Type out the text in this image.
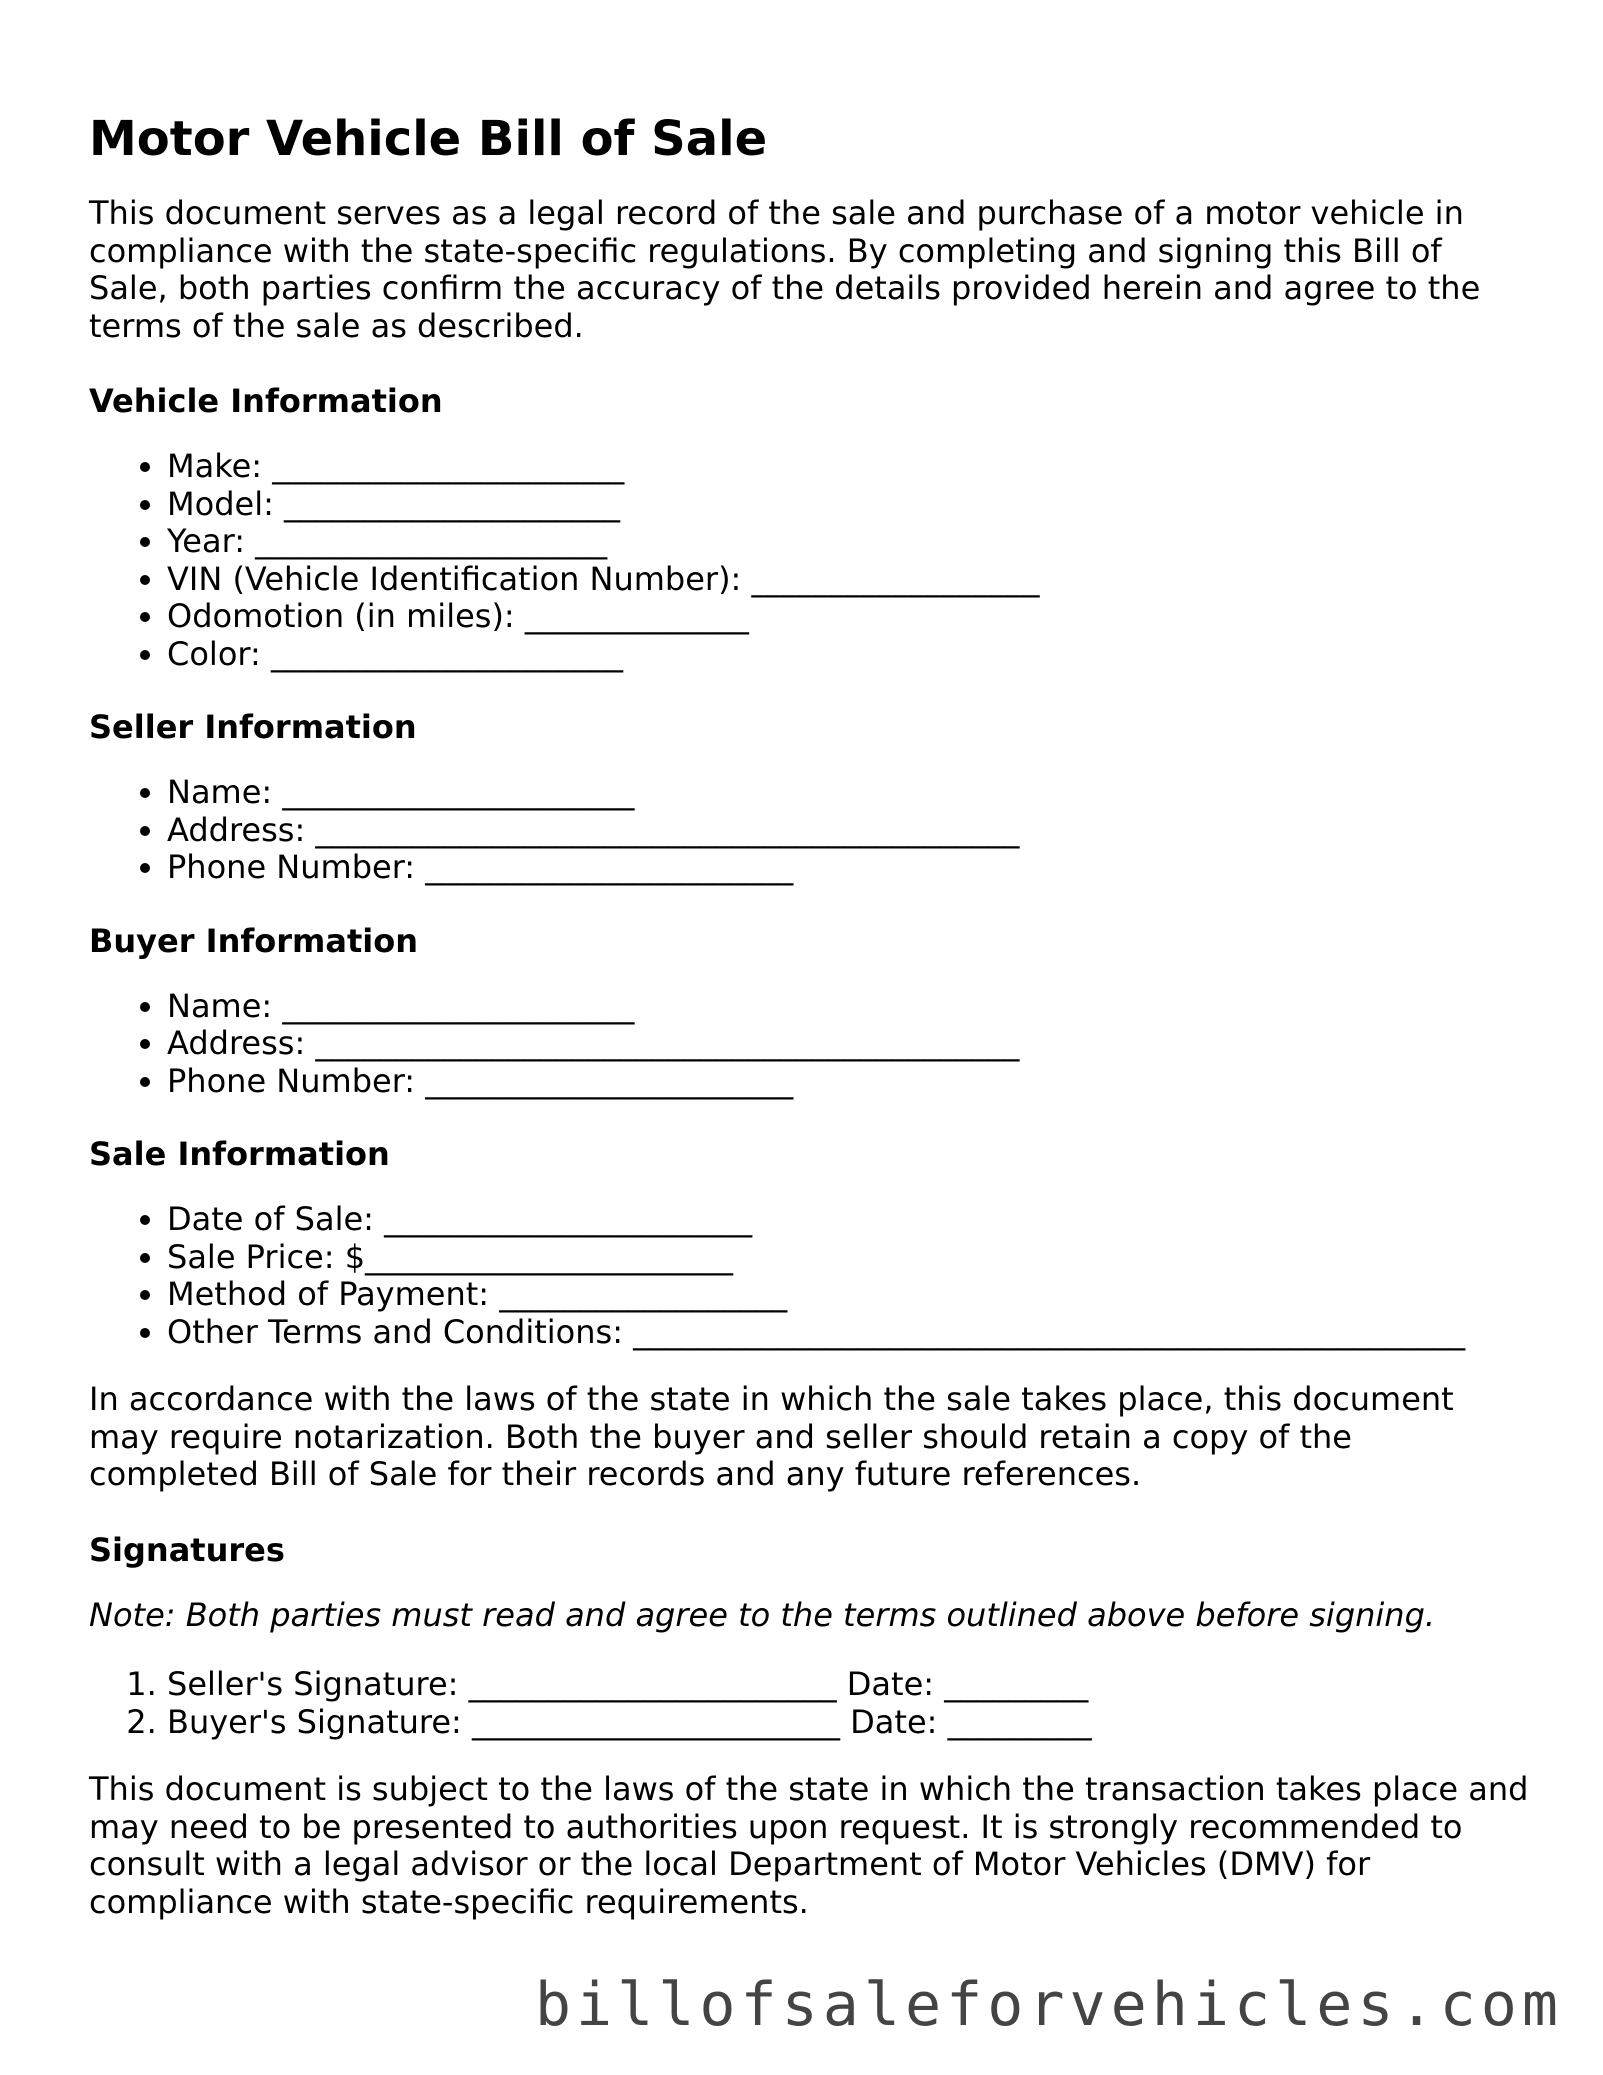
Motor Vehicle Bill of Sale

This document serves as a legal record of the sale and purchase of a motor vehicle in compliance with the state-specific regulations. By completing and signing this Bill of Sale, both parties confirm the accuracy of the details provided herein and agree to the terms of the sale as described.

Vehicle Information
• Make: ______________________
• Model: _____________________
• Year: ______________________
• VIN (Vehicle Identification Number): __________________
• Odomotion (in miles): ______________
• Color: ______________________
Seller Information
• Name: ______________________
• Address: ____________________________________________
• Phone Number: _______________________
Buyer Information
• Name: ______________________
• Address: ____________________________________________
• Phone Number: _______________________
Sale Information
• Date of Sale: _______________________
• Sale Price: $_______________________
• Method of Payment: __________________
• Other Terms and Conditions: ____________________________________________________

In accordance with the laws of the state in which the sale takes place, this document may require notarization. Both the buyer and seller should retain a copy of the completed Bill of Sale for their records and any future references.

Signatures

Note: Both parties must read and agree to the terms outlined above before signing.

1. Seller's Signature: _______________________ Date: _________
2. Buyer's Signature: _______________________ Date: _________

This document is subject to the laws of the state in which the transaction takes place and may need to be presented to authorities upon request. It is strongly recommended to consult with a legal advisor or the local Department of Motor Vehicles (DMV) for compliance with state-specific requirements.

billofsaleforvehicles.com
